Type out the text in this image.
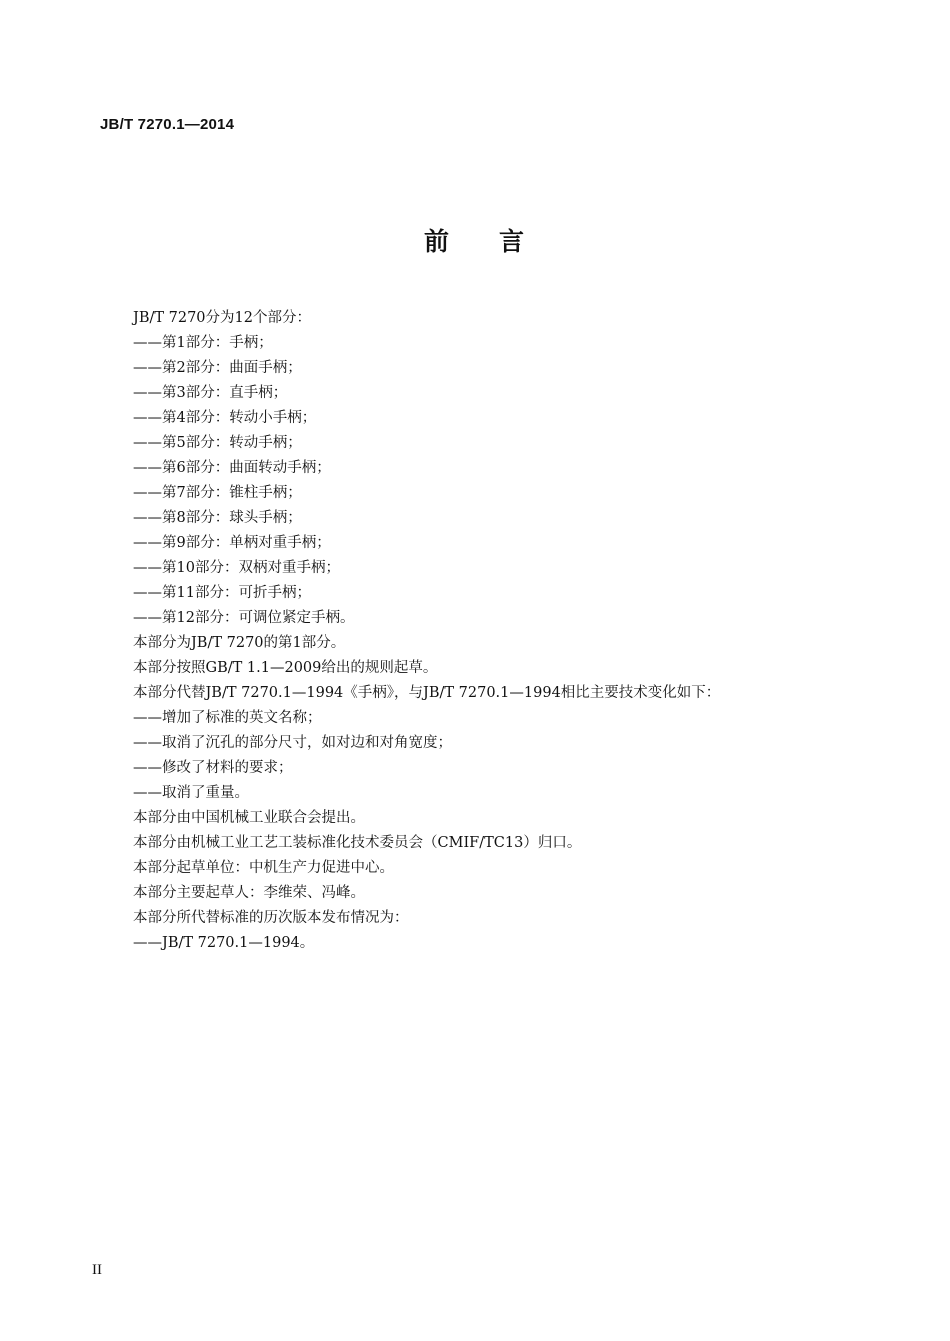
JB/T 7270.1—2014
前 言
JB/T 7270分为12个部分：
——第1部分：手柄；
——第2部分：曲面手柄；
——第3部分：直手柄；
——第4部分：转动小手柄；
——第5部分：转动手柄；
——第6部分：曲面转动手柄；
——第7部分：锥柱手柄；
——第8部分：球头手柄；
——第9部分：单柄对重手柄；
——第10部分：双柄对重手柄；
——第11部分：可折手柄；
——第12部分：可调位紧定手柄。
本部分为JB/T 7270的第1部分。
本部分按照GB/T 1.1—2009给出的规则起草。
本部分代替JB/T 7270.1—1994《手柄》，与JB/T 7270.1—1994相比主要技术变化如下：
——增加了标准的英文名称；
——取消了沉孔的部分尺寸，如对边和对角宽度；
——修改了材料的要求；
——取消了重量。
本部分由中国机械工业联合会提出。
本部分由机械工业工艺工装标准化技术委员会（CMIF/TC13）归口。
本部分起草单位：中机生产力促进中心。
本部分主要起草人：李维荣、冯峰。
本部分所代替标准的历次版本发布情况为：
——JB/T 7270.1—1994。
II
